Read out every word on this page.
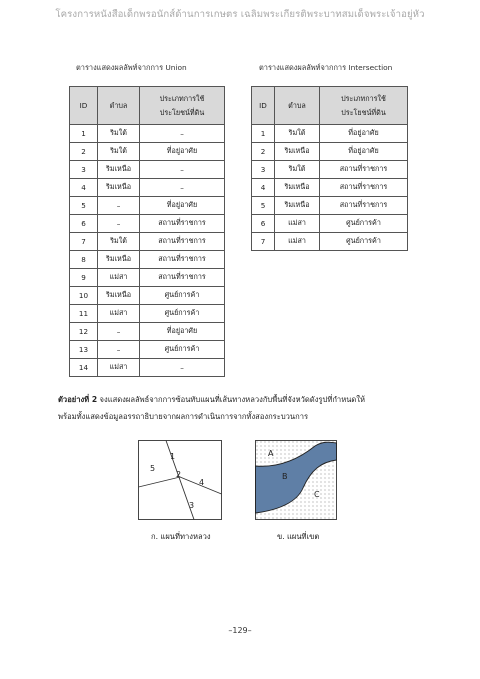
โครงการหนังสือเด็กพรอนักส์ด้านการเกษตร เฉลิมพระเกียรติพระบาทสมเด็จพระเจ้าอยู่หัว
ตารางแสดงผลลัพท์จากการ Union	ตารางแสดงผลลัพท์จากการ Intersection
ID	ตำบล	ประเภทการใช้
ประโยชน์ที่ดิน
1	ริมใต้	–
2	ริมใต้	ที่อยู่อาศัย
3	ริมเหนือ	–
4	ริมเหนือ	–
5	–	ที่อยู่อาศัย
6	–	สถานที่ราชการ
7	ริมใต้	สถานที่ราชการ
8	ริมเหนือ	สถานที่ราชการ
9	แม่สา	สถานที่ราชการ
10	ริมเหนือ	ศูนย์การค้า
11	แม่สา	ศูนย์การค้า
12	–	ที่อยู่อาศัย
13	–	ศูนย์การค้า
14	แม่สา	–
ID	ตำบล	ประเภทการใช้
ประโยชน์ที่ดิน
1	ริมใต้	ที่อยู่อาศัย
2	ริมเหนือ	ที่อยู่อาศัย
3	ริมใต้	สถานที่ราชการ
4	ริมเหนือ	สถานที่ราชการ
5	ริมเหนือ	สถานที่ราชการ
6	แม่สา	ศูนย์การค้า
7	แม่สา	ศูนย์การค้า
ตัวอย่างที่ 2 จงแสดงผลลัพธ์จากการซ้อนทับแผนที่เส้นทางหลวงกับพื้นที่จังหวัดดังรูปที่กำหนดให้
พร้อมทั้งแสดงข้อมูลอรรถาธิบายจากผลการดำเนินการจากทั้งสองกระบวนการ
1
2
3
4
5
A
B
C
ก. แผนที่ทางหลวง	ข. แผนที่เขต
–129–
